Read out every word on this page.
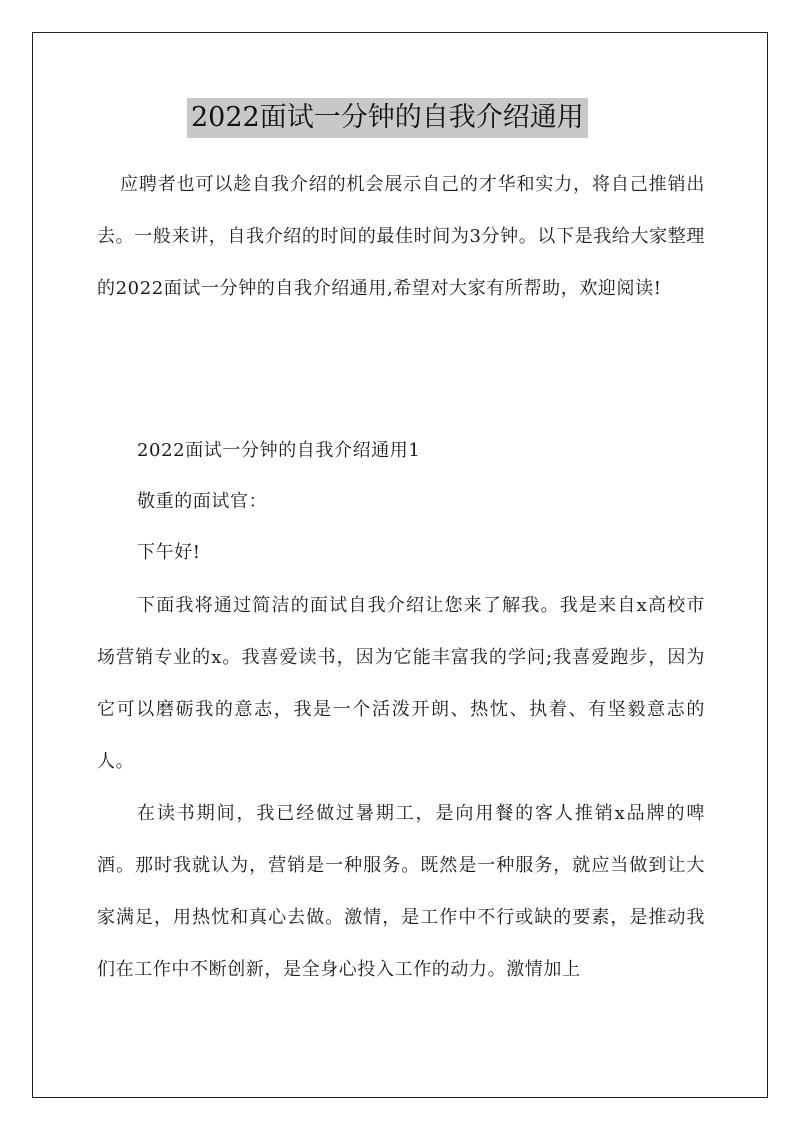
2022面试一分钟的自我介绍通用

应聘者也可以趁自我介绍的机会展示自己的才华和实力，将自己推销出去。一般来讲，自我介绍的时间的最佳时间为3分钟。以下是我给大家整理的2022面试一分钟的自我介绍通用,希望对大家有所帮助，欢迎阅读!

2022面试一分钟的自我介绍通用1
敬重的面试官：
下午好!

下面我将通过简洁的面试自我介绍让您来了解我。我是来自x高校市场营销专业的x。我喜爱读书，因为它能丰富我的学问;我喜爱跑步，因为它可以磨砺我的意志，我是一个活泼开朗、热忱、执着、有坚毅意志的人。

在读书期间，我已经做过暑期工，是向用餐的客人推销x品牌的啤酒。那时我就认为，营销是一种服务。既然是一种服务，就应当做到让大家满足，用热忱和真心去做。激情，是工作中不行或缺的要素，是推动我们在工作中不断创新，是全身心投入工作的动力。激情加上
